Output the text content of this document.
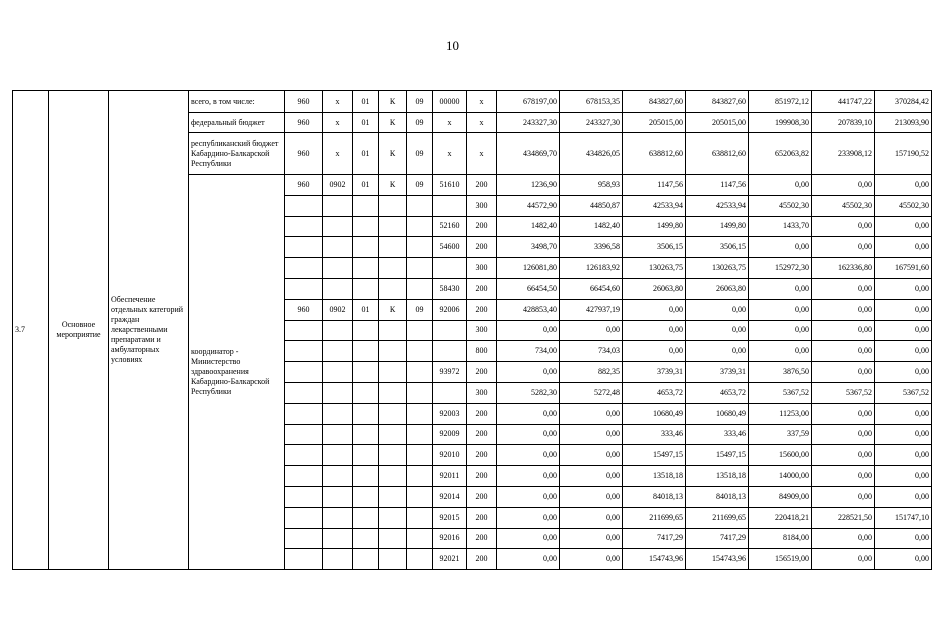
10
3.7	Основное мероприятие	Обеспечение отдельных категорий граждан лекарственными препаратами и амбулаторных условиях	всего, в том числе:	960	x	01	К	09	00000	x	678197,00	678153,35	843827,60	843827,60	851972,12	441747,22	370284,42
			федеральный бюджет	960	x	01	К	09	x	x	243327,30	243327,30	205015,00	205015,00	199908,30	207839,10	213093,90
			республиканский бюджет Кабардино-Балкарской Республики	960	x	01	К	09	x	x	434869,70	434826,05	638812,60	638812,60	652063,82	233908,12	157190,52
			координатор - Министерство здравоохранения Кабардино-Балкарской Республики	960	0902	01	К	09	51610	200	1236,90	958,93	1147,56	1147,56	0,00	0,00	0,00
										300	44572,90	44850,87	42533,94	42533,94	45502,30	45502,30	45502,30
									52160	200	1482,40	1482,40	1499,80	1499,80	1433,70	0,00	0,00
									54600	200	3498,70	3396,58	3506,15	3506,15	0,00	0,00	0,00
										300	126081,80	126183,92	130263,75	130263,75	152972,30	162336,80	167591,60
									58430	200	66454,50	66454,60	26063,80	26063,80	0,00	0,00	0,00
				960	0902	01	К	09	92006	200	428853,40	427937,19	0,00	0,00	0,00	0,00	0,00
										300	0,00	0,00	0,00	0,00	0,00	0,00	0,00
										800	734,00	734,03	0,00	0,00	0,00	0,00	0,00
									93972	200	0,00	882,35	3739,31	3739,31	3876,50	0,00	0,00
										300	5282,30	5272,48	4653,72	4653,72	5367,52	5367,52	5367,52
									92003	200	0,00	0,00	10680,49	10680,49	11253,00	0,00	0,00
									92009	200	0,00	0,00	333,46	333,46	337,59	0,00	0,00
									92010	200	0,00	0,00	15497,15	15497,15	15600,00	0,00	0,00
									92011	200	0,00	0,00	13518,18	13518,18	14000,00	0,00	0,00
									92014	200	0,00	0,00	84018,13	84018,13	84909,00	0,00	0,00
									92015	200	0,00	0,00	211699,65	211699,65	220418,21	228521,50	151747,10
									92016	200	0,00	0,00	7417,29	7417,29	8184,00	0,00	0,00
									92021	200	0,00	0,00	154743,96	154743,96	156519,00	0,00	0,00
